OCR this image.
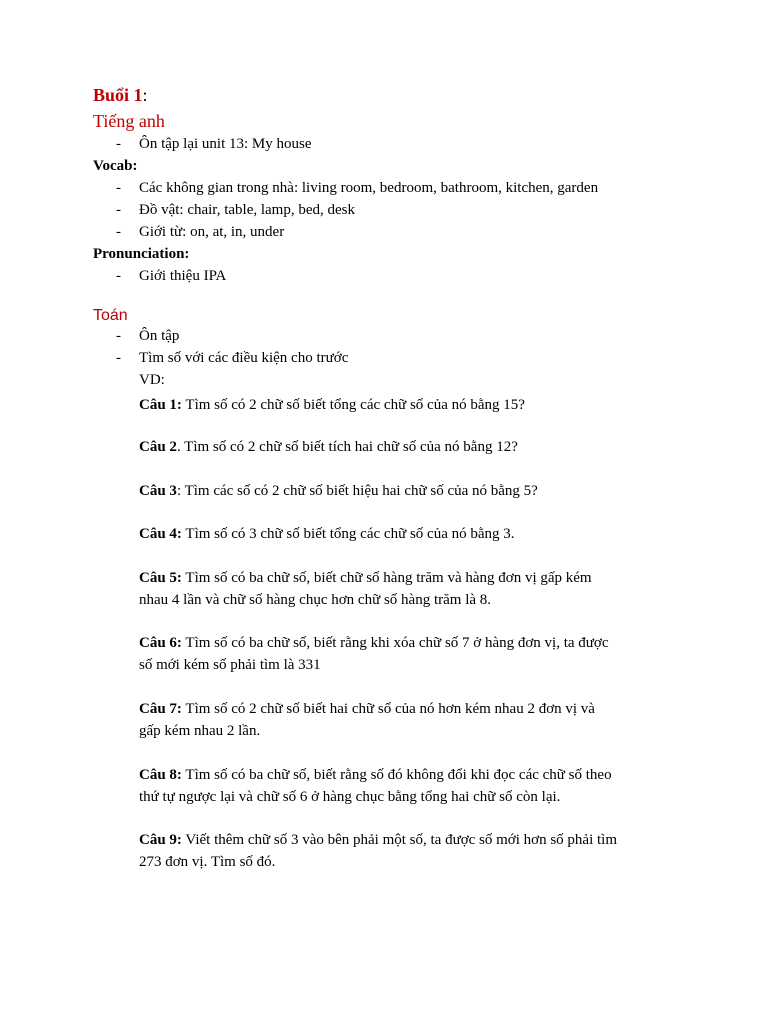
Buổi 1:
Tiếng anh
- Ôn tập lại unit 13: My house
Vocab:
- Các không gian trong nhà: living room, bedroom, bathroom, kitchen, garden
- Đồ vật: chair, table, lamp, bed, desk
- Giới từ: on, at, in, under
Pronunciation:
- Giới thiệu IPA
Toán
- Ôn tập
- Tìm số với các điều kiện cho trước
VD:
Câu 1: Tìm số có 2 chữ số biết tổng các chữ số của nó bằng 15?
Câu 2. Tìm số có 2 chữ số biết tích hai chữ số của nó bằng 12?
Câu 3: Tìm các số có 2 chữ số biết hiệu hai chữ số của nó bằng 5?
Câu 4: Tìm số có 3 chữ số biết tổng các chữ số của nó bằng 3.
Câu 5: Tìm số có ba chữ số, biết chữ số hàng trăm và hàng đơn vị gấp kém
nhau 4 lần và chữ số hàng chục hơn chữ số hàng trăm là 8.
Câu 6: Tìm số có ba chữ số, biết rằng khi xóa chữ số 7 ở hàng đơn vị, ta được
số mới kém số phải tìm là 331
Câu 7: Tìm số có 2 chữ số biết hai chữ số của nó hơn kém nhau 2 đơn vị và
gấp kém nhau 2 lần.
Câu 8: Tìm số có ba chữ số, biết rằng số đó không đổi khi đọc các chữ số theo
thứ tự ngược lại và chữ số 6 ở hàng chục bằng tổng hai chữ số còn lại.
Câu 9: Viết thêm chữ số 3 vào bên phải một số, ta được số mới hơn số phải tìm
273 đơn vị. Tìm số đó.
